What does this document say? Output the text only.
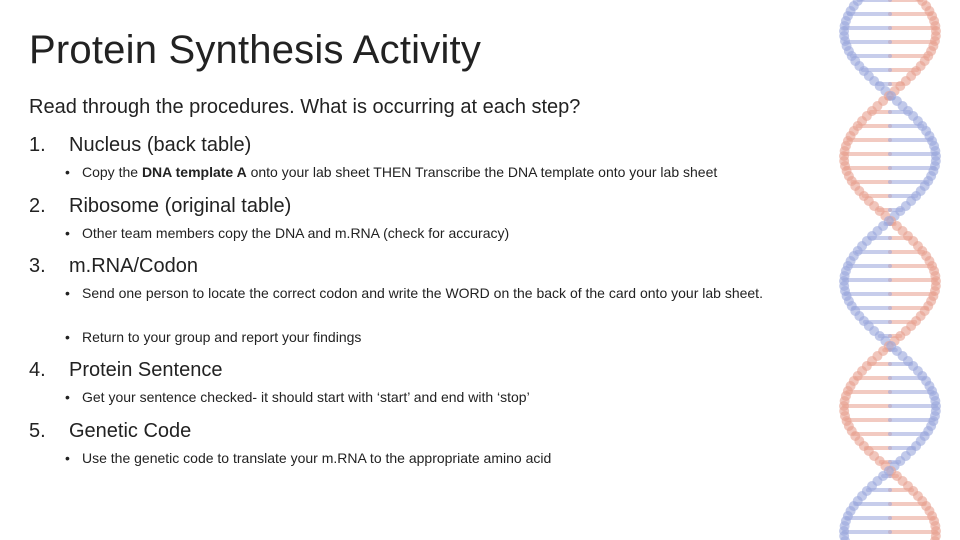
Protein Synthesis Activity
Read through the procedures. What is occurring at each step?
1. Nucleus (back table)
• Copy the DNA template A onto your lab sheet THEN Transcribe the DNA template onto your lab sheet
2. Ribosome (original table)
• Other team members copy the DNA and m.RNA (check for accuracy)
3. m.RNA/Codon
• Send one person to locate the correct codon and write the WORD on the back of the card onto your lab sheet.
• Return to your group and report your findings
4. Protein Sentence
• Get your sentence checked- it should start with ‘start’ and end with ‘stop’
5. Genetic Code
• Use the genetic code to translate your m.RNA to the appropriate amino acid
